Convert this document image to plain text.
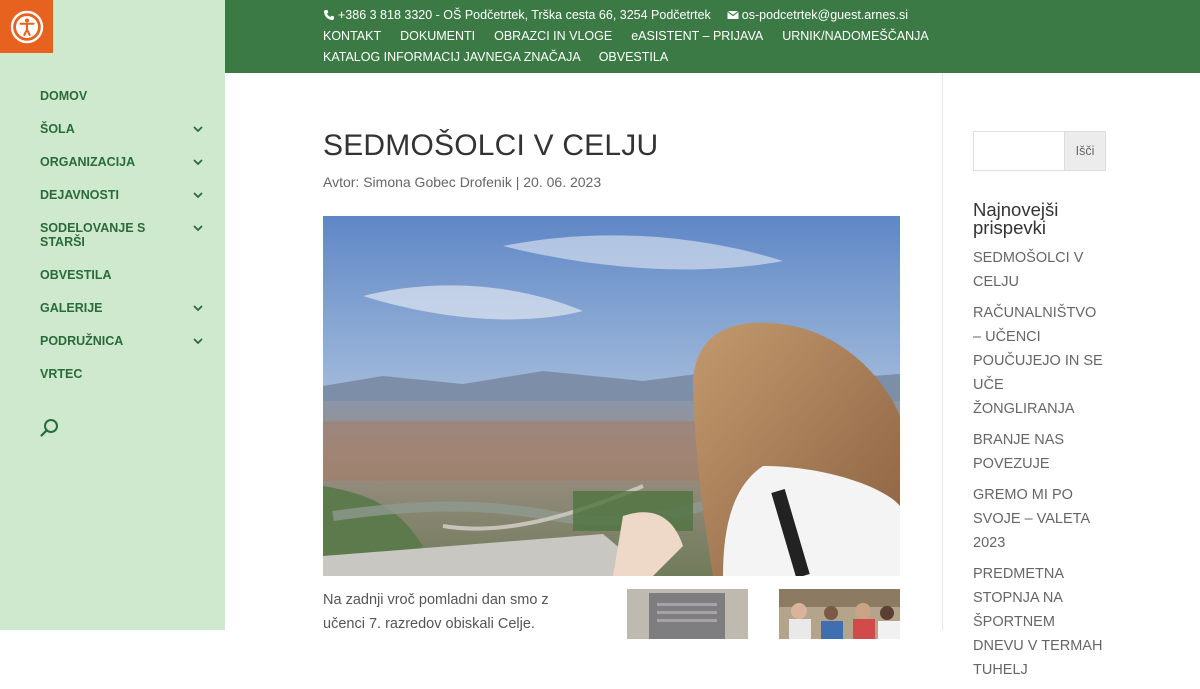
DOMOV
ŠOLA
ORGANIZACIJA
DEJAVNOSTI
SODELOVANJE S STARŠI
OBVESTILA
GALERIJE
PODRUŽNICA
VRTEC
+386 3 818 3320 - OŠ Podčetrtek, Trška cesta 66, 3254 Podčetrtek os-podcetrtek@guest.arnes.si
KONTAKT DOKUMENTI OBRAZCI IN VLOGE eASISTENT – PRIJAVA URNIK/NADOMEŠČANJA
KATALOG INFORMACIJ JAVNEGA ZNAČAJA OBVESTILA
SEDMOŠOLCI V CELJU
Avtor: Simona Gobec Drofenik | 20. 06. 2023

Na zadnji vroč pomladni dan smo z učenci 7. razredov obiskali Celje.

Išči
Najnovejši prispevki
SEDMOŠOLCI V CELJU
RAČUNALNIŠTVO – UČENCI POUČUJEJO IN SE UČE ŽONGLIRANJA
BRANJE NAS POVEZUJE
GREMO MI PO SVOJE – VALETA 2023
PREDMETNA STOPNJA NA ŠPORTNEM DNEVU V TERMAH TUHELJ
